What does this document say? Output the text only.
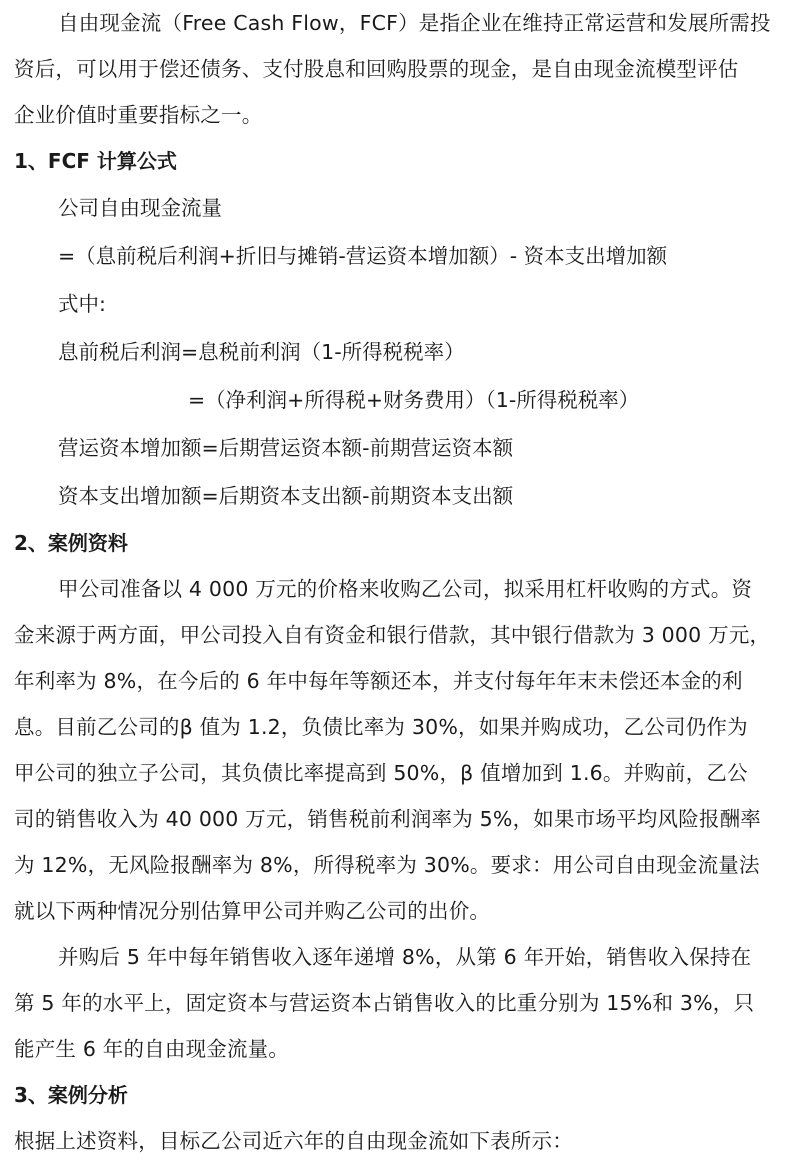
自由现金流（Free Cash Flow，FCF）是指企业在维持正常运营和发展所需投

资后，可以用于偿还债务、支付股息和回购股票的现金，是自由现金流模型评估

企业价值时重要指标之一。

1、FCF 计算公式

公司自由现金流量

=（息前税后利润+折旧与摊销-营运资本增加额）- 资本支出增加额

式中:

息前税后利润=息税前利润（1-所得税税率）

=（净利润+所得税+财务费用）（1-所得税税率）

营运资本增加额=后期营运资本额-前期营运资本额

资本支出增加额=后期资本支出额-前期资本支出额

2、案例资料

甲公司准备以 4 000 万元的价格来收购乙公司，拟采用杠杆收购的方式。资

金来源于两方面，甲公司投入自有资金和银行借款，其中银行借款为 3 000 万元，

年利率为 8%，在今后的 6 年中每年等额还本，并支付每年年末未偿还本金的利

息。目前乙公司的β 值为 1.2，负债比率为 30%，如果并购成功，乙公司仍作为

甲公司的独立子公司，其负债比率提高到 50%，β 值增加到 1.6。并购前，乙公

司的销售收入为 40 000 万元，销售税前利润率为 5%，如果市场平均风险报酬率

为 12%，无风险报酬率为 8%，所得税率为 30%。要求：用公司自由现金流量法

就以下两种情况分别估算甲公司并购乙公司的出价。

并购后 5 年中每年销售收入逐年递增 8%，从第 6 年开始，销售收入保持在

第 5 年的水平上，固定资本与营运资本占销售收入的比重分别为 15%和 3%，只

能产生 6 年的自由现金流量。

3、案例分析

根据上述资料，目标乙公司近六年的自由现金流如下表所示：
